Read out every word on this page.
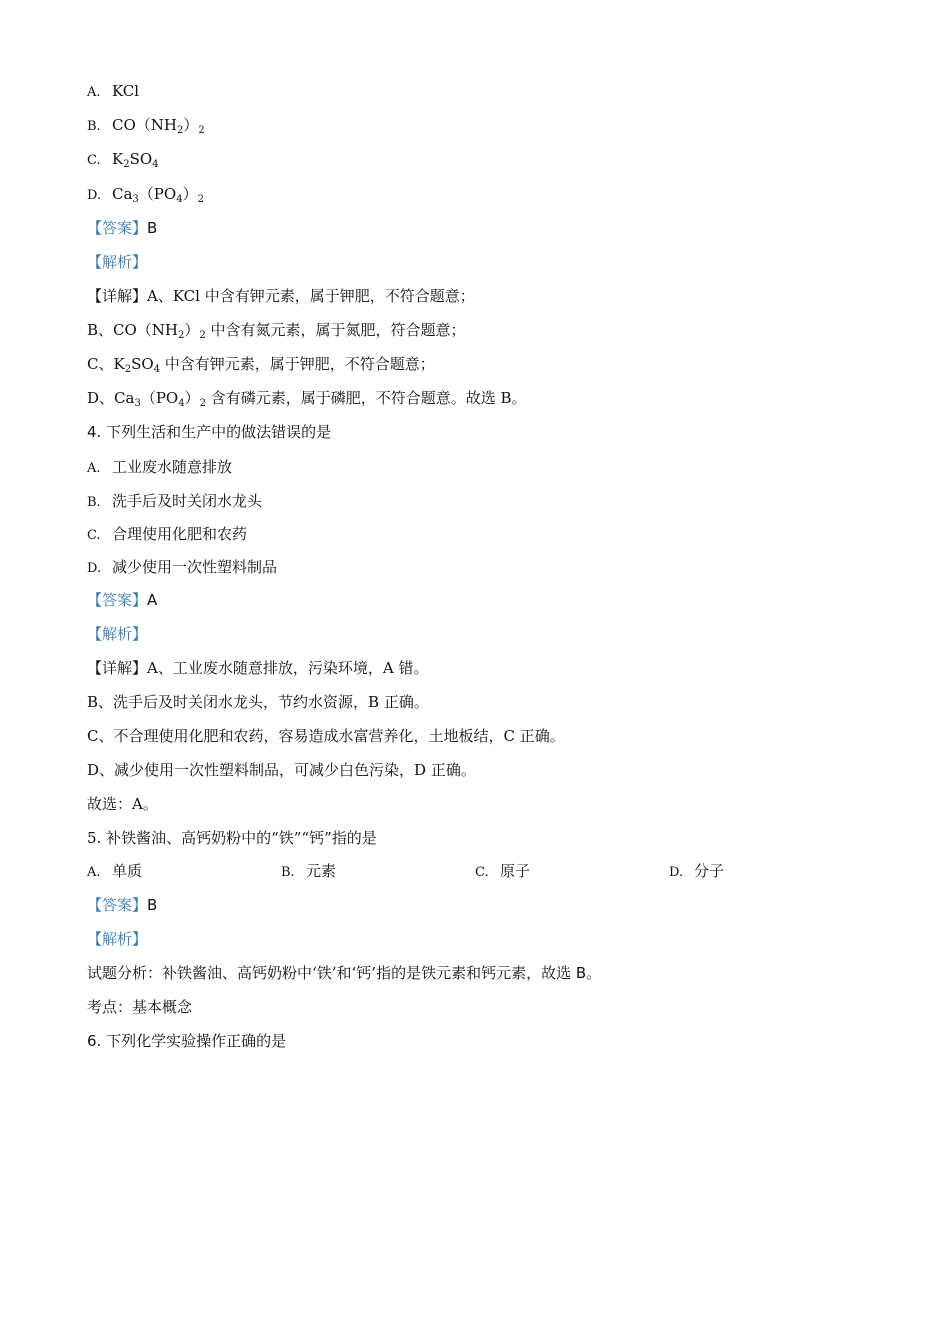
A. KCl
B. $CO(NH_2)_2$
C. $K_2SO_4$
D. $Ca_3(PO_4)_2$
【答案】B
【解析】
【详解】A、KCl 中含有钾元素，属于钾肥，不符合题意；
B、$CO(NH_2)_2$ 中含有氮元素，属于氮肥，符合题意；
C、$K_2SO_4$ 中含有钾元素，属于钾肥，不符合题意；
D、$Ca_3(PO_4)_2$ 含有磷元素，属于磷肥，不符合题意。故选 B。
4. 下列生活和生产中的做法错误的是
A. 工业废水随意排放
B. 洗手后及时关闭水龙头
C. 合理使用化肥和农药
D. 减少使用一次性塑料制品
【答案】A
【解析】
【详解】A、工业废水随意排放，污染环境，A 错。
B、洗手后及时关闭水龙头，节约水资源，B 正确。
C、不合理使用化肥和农药，容易造成水富营养化，土地板结，C 正确。
D、减少使用一次性塑料制品，可减少白色污染，D 正确。
故选：A。
5. 补铁酱油、高钙奶粉中的“铁”“钙”指的是
A. 单质	B. 元素	C. 原子	D. 分子
【答案】B
【解析】
试题分析：补铁酱油、高钙奶粉中‘铁’和‘钙’指的是铁元素和钙元素，故选 B。
考点：基本概念
6. 下列化学实验操作正确的是
